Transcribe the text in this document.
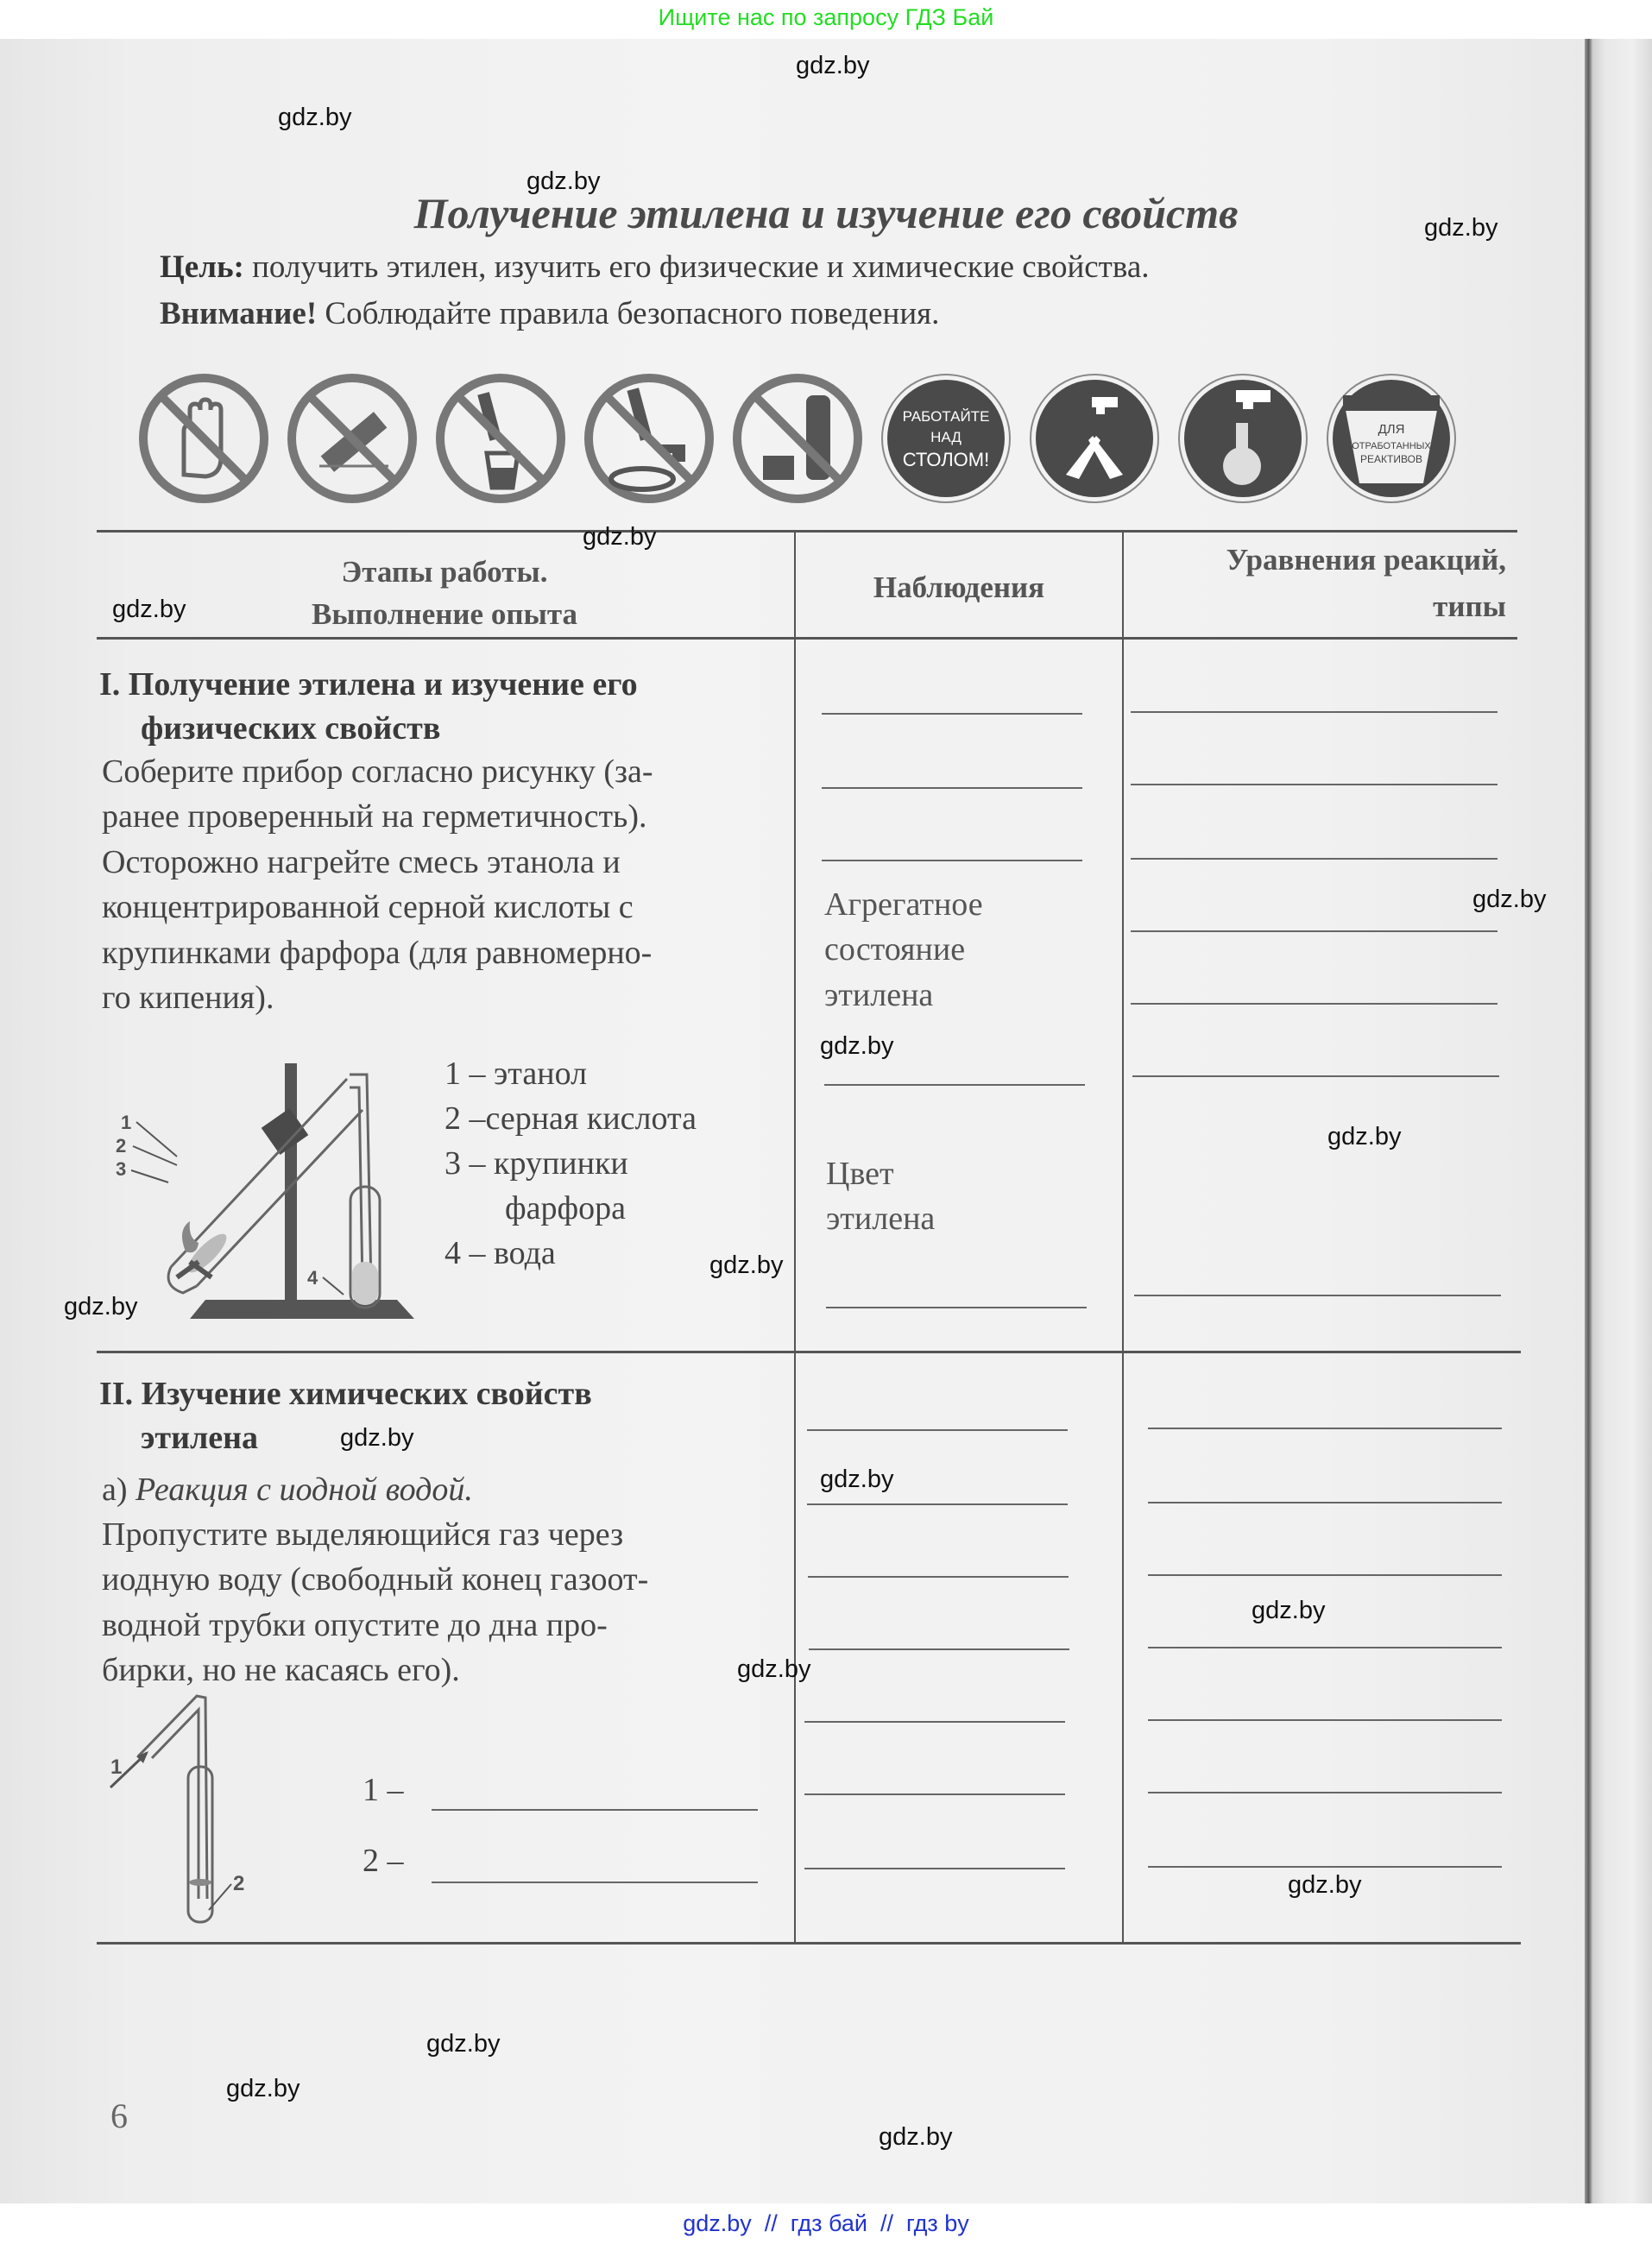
Ищите нас по запросу ГДЗ Бай
Получение этилена и изучение его свойств
Цель: получить этилен, изучить его физические и химические свойства.
Внимание! Соблюдайте правила безопасного поведения.
РАБОТАЙТЕ
НАД
СТОЛОМ!
ДЛЯ
ОТРАБОТАННЫХ
РЕАКТИВОВ
Этапы работы.
Выполнение опыта
Наблюдения
Уравнения реакций,
типы
I. Получение этилена и изучение его
физических свойств
Соберите прибор согласно рисунку (за-
ранее проверенный на герметичность).
Осторожно нагрейте смесь этанола и
концентрированной серной кислоты с
крупинками фарфора (для равномерно-
го кипения).
1
2
3
4
1 – этанол
2 –серная кислота
3 – крупинки
фарфора
4 – вода
Агрегатное
состояние
этилена
Цвет
этилена
II. Изучение химических свойств
этилена
а) Реакция с иодной водой.
Пропустите выделяющийся газ через
иодную воду (свободный конец газоот-
водной трубки опустите до дна про-
бирки, но не касаясь его).
1
2
1 –
2 –
6
gdz.by
gdz.by
gdz.by
gdz.by
gdz.by
gdz.by
gdz.by
gdz.by
gdz.by
gdz.by
gdz.by
gdz.by
gdz.by
gdz.by
gdz.by
gdz.by
gdz.by
gdz.by
gdz.by
gdz.by  //  гдз бай  //  гдз by
